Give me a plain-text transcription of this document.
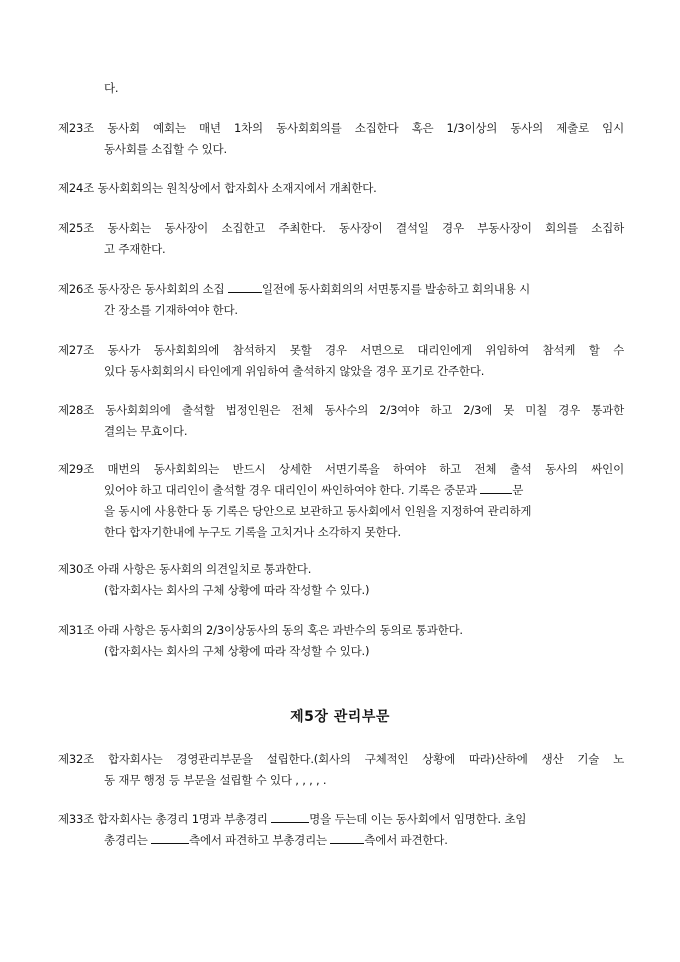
다.
제23조 동사회 예회는 매년 1차의 동사회회의를 소집한다 혹은 1/3이상의 동사의 제출로 임시
동사회를 소집할 수 있다.
제24조 동사회회의는 원칙상에서 합자회사 소재지에서 개최한다.
제25조 동사회는 동사장이 소집한고 주최한다. 동사장이 결석일 경우 부동사장이 회의를 소집하
고 주재한다.
제26조 동사장은 동사회회의 소집	일전에 동사회회의의 서면통지를 발송하고 회의내용 시
간 장소를 기재하여야 한다.
제27조 동사가 동사회회의에 참석하지 못할 경우 서면으로 대리인에게 위임하여 참석케 할 수
있다 동사회회의시 타인에게 위임하여 출석하지 않았을 경우 포기로 간주한다.
제28조 동사회회의에 출석할 법정인원은 전체 동사수의 2/3여야 하고 2/3에 못 미칠 경우 통과한
결의는 무효이다.
제29조 매번의 동사회회의는 반드시 상세한 서면기록을 하여야 하고 전체 출석 동사의 싸인이
있어야 하고 대리인이 출석할 경우 대리인이 싸인하여야 한다. 기록은 중문과	문
을 동시에 사용한다 동 기록은 당안으로 보관하고 동사회에서 인원을 지정하여 관리하게
한다 합자기한내에 누구도 기록을 고치거나 소각하지 못한다.
제30조 아래 사항은 동사회의 의견일치로 통과한다.
(합자회사는 회사의 구체 상황에 따라 작성할 수 있다.)
제31조 아래 사항은 동사회의 2/3이상동사의 동의 혹은 과반수의 동의로 통과한다.
(합자회사는 회사의 구체 상황에 따라 작성할 수 있다.)
제5장 관리부문
제32조 합자회사는 경영관리부문을 설립한다.(회사의 구체적인 상황에 따라)산하에 생산 기술 노
동 재무 행정 등 부문을 설립할 수 있다 , , , , .
제33조 합자회사는 총경리 1명과 부총경리	명을 두는데 이는 동사회에서 임명한다. 초임
총경리는	측에서 파견하고 부총경리는	측에서 파견한다.
